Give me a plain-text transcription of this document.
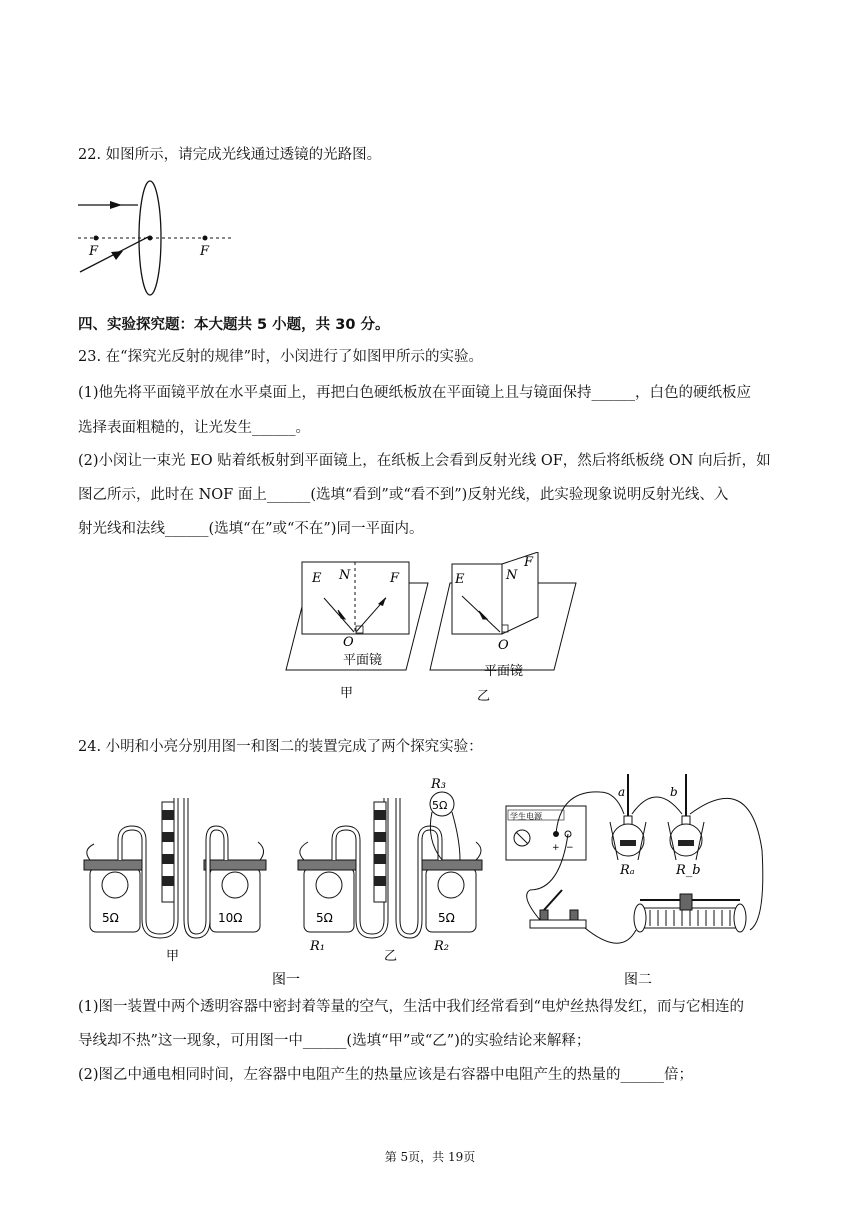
22. 如图所示，请完成光线通过透镜的光路图。
F	F
四、实验探究题：本大题共 5 小题，共 30 分。
23. 在“探究光反射的规律”时，小闵进行了如图甲所示的实验。
(1)他先将平面镜平放在水平桌面上，再把白色硬纸板放在平面镜上且与镜面保持______，白色的硬纸板应
选择表面粗糙的，让光发生______。
(2)小闵让一束光 EO 贴着纸板射到平面镜上，在纸板上会看到反射光线 OF，然后将纸板绕 ON 向后折，如
图乙所示，此时在 NOF 面上______(选填“看到”或“看不到”)反射光线，此实验现象说明反射光线、入
射光线和法线______(选填“在”或“不在”)同一平面内。
E N	F
O
平面镜
甲
E	N
F
O
平面镜
乙
24. 小明和小亮分别用图一和图二的装置完成了两个探究实验：
5Ω	10Ω
甲
5Ω	5Ω
R₃
5Ω
R₁	R₂
乙
图一
学生电源
+ −
a
Rₐ
b
R_b
图二
(1)图一装置中两个透明容器中密封着等量的空气，生活中我们经常看到“电炉丝热得发红，而与它相连的
导线却不热”这一现象，可用图一中______(选填“甲”或“乙”)的实验结论来解释；
(2)图乙中通电相同时间，左容器中电阻产生的热量应该是右容器中电阻产生的热量的______倍；
第 5页，共 19页
